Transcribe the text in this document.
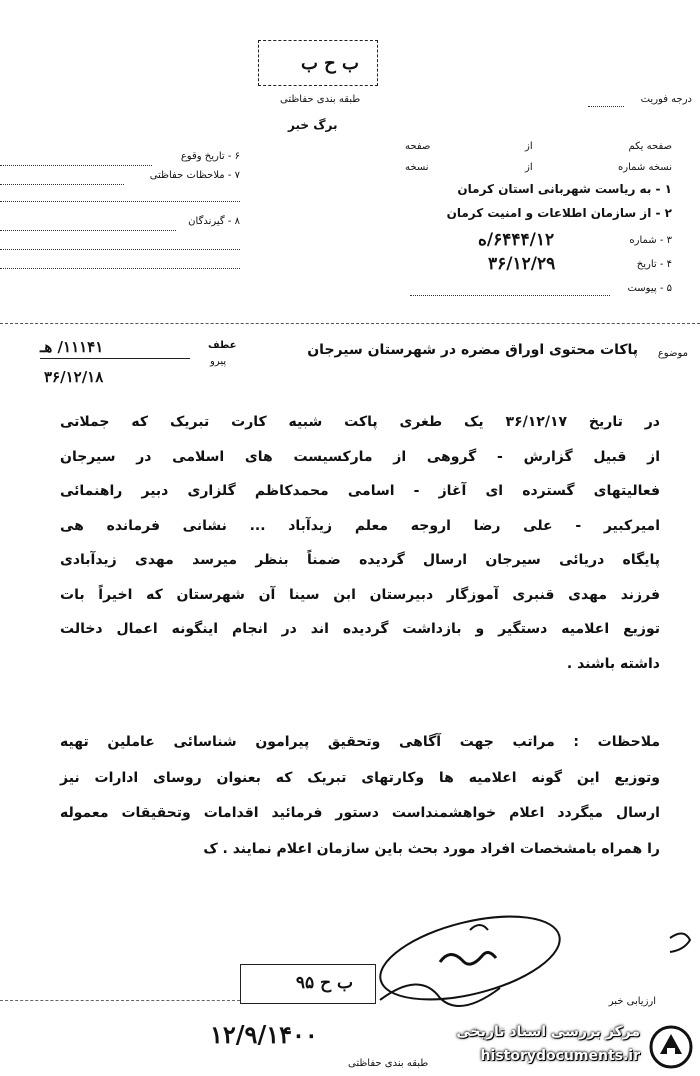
ب ح ب
طبقه بندی حفاظتی
برگ خبر
درجه فوریت
۶ - تاریخ وقوع
۷ - ملاحظات حفاظتی
۸ - گیرندگان
صفحه یکم
از
صفحه
نسخه شماره
از
نسخه
۱ - به ریاست شهربانی استان کرمان
۲ - از سازمان اطلاعات و امنیت کرمان
۳ - شماره
۶۴۴۴/۱۲/ه
۴ - تاریخ
۳۶/۱۲/۲۹
۵ - پیوست
موضوع
پاکات محتوی اوراق مضره در شهرستان سیرجان
۱۱۱۴۱/ هـ
۳۶/۱۲/۱۸
عطف
پیرو
در تاریخ ۳۶/۱۲/۱۷ یک طغری پاکت شبیه کارت تبریک که جملاتی
از قبیل گزارش - گروهی از مارکسیست های اسلامی در سیرجان
فعالیتهای گسترده ای آغاز - اسامی محمدکاظم گلزاری دبیر راهنمائی
امیرکبیر - علی رضا اروجه معلم زیدآباد ... نشانی فرمانده هی
پایگاه دریائی سیرجان ارسال گردیده ضمناً بنظر میرسد مهدی زیدآبادی
فرزند مهدی قنبری آموزگار دبیرستان ابن سینا آن شهرستان که اخیراً بات
توزیع اعلامیه دستگیر و بازداشت گردیده اند در انجام اینگونه اعمال دخالت
داشته باشند .
ملاحظات : مراتب جهت آگاهی وتحقیق پیرامون شناسائی عاملین تهیه
وتوزیع این گونه اعلامیه ها وکارتهای تبریک که بعنوان روسای ادارات نیز
ارسال میگردد اعلام خواهشمنداست دستور فرمائید اقدامات وتحقیقات معموله
را همراه بامشخصات افراد مورد بحث باین سازمان اعلام نمایند . ک
ب ح ۹۵
ارزیابی خبر
۱۲/۹/۱۴۰۰
طبقه بندی حفاظتی
مرکز بررسی اسناد تاریخی
historydocuments.ir
